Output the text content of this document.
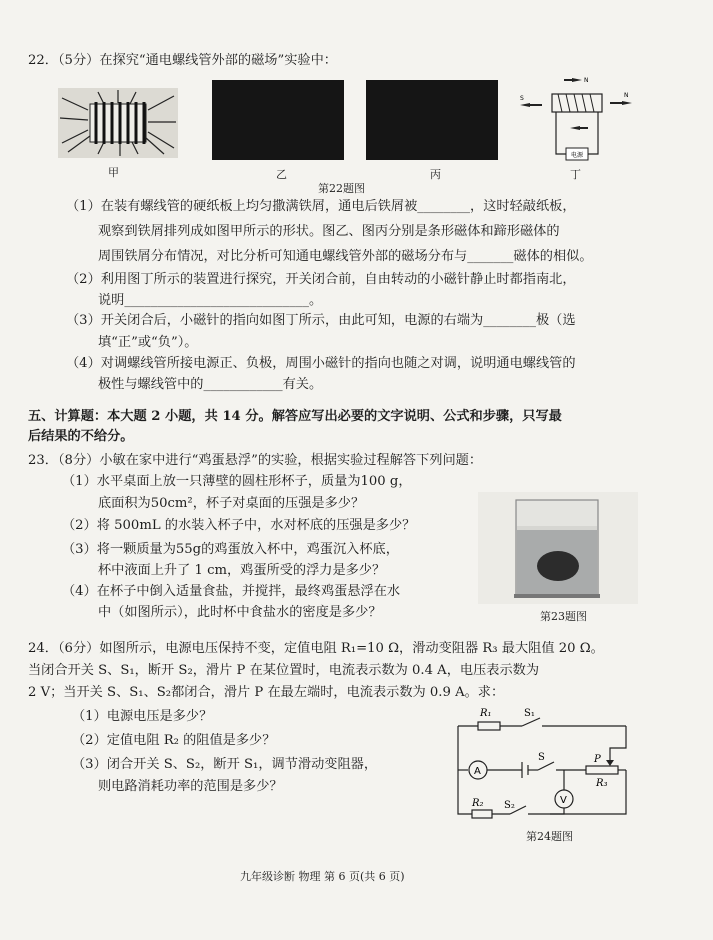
22．（5分）在探究“通电螺线管外部的磁场”实验中：
电源
N
S	N
甲	乙	丙	丁
第22题图
（1）在装有螺线管的硬纸板上均匀撒满铁屑，通电后铁屑被________，这时轻敲纸板，
观察到铁屑排列成如图甲所示的形状。图乙、图丙分别是条形磁体和蹄形磁体的
周围铁屑分布情况，对比分析可知通电螺线管外部的磁场分布与_______磁体的相似。
（2）利用图丁所示的装置进行探究，开关闭合前，自由转动的小磁针静止时都指南北，
说明____________________________。
（3）开关闭合后，小磁针的指向如图丁所示，由此可知，电源的右端为________极（选
填“正”或“负”）。
（4）对调螺线管所接电源正、负极，周围小磁针的指向也随之对调，说明通电螺线管的
极性与螺线管中的____________有关。
五、计算题：本大题 2 小题，共 14 分。解答应写出必要的文字说明、公式和步骤，只写最
后结果的不给分。
23．（8分）小敏在家中进行“鸡蛋悬浮”的实验，根据实验过程解答下列问题：
（1）水平桌面上放一只薄壁的圆柱形杯子，质量为100 g，
底面积为50cm²，杯子对桌面的压强是多少？
（2）将 500mL 的水装入杯子中，水对杯底的压强是多少？
（3）将一颗质量为55g的鸡蛋放入杯中，鸡蛋沉入杯底，
杯中液面上升了 1 cm，鸡蛋所受的浮力是多少？
（4）在杯子中倒入适量食盐，并搅拌，最终鸡蛋悬浮在水
中（如图所示），此时杯中食盐水的密度是多少？	第23题图
24．（6分）如图所示，电源电压保持不变，定值电阻 R₁=10 Ω，滑动变阻器 R₃ 最大阻值 20 Ω。
当闭合开关 S、S₁，断开 S₂，滑片 P 在某位置时，电流表示数为 0.4 A，电压表示数为
2 V；当开关 S、S₁、S₂都闭合，滑片 P 在最左端时，电流表示数为 0.9 A。求：
（1）电源电压是多少？
（2）定值电阻 R₂ 的阻值是多少？
（3）闭合开关 S、S₂，断开 S₁，调节滑动变阻器，
则电路消耗功率的范围是多少？
R₁	S₁
A
S	P
R₃
V
R₂ S₂
第24题图
九年级诊断 物理 第 6 页(共 6 页)
